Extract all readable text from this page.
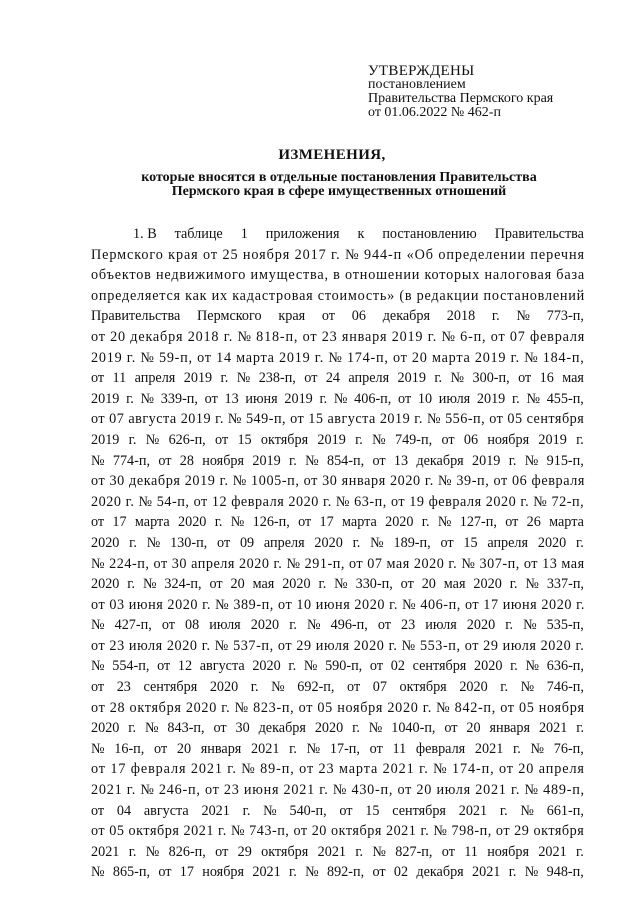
УТВЕРЖДЕНЫ
постановлением
Правительства Пермского края
от 01.06.2022 № 462-п
ИЗМЕНЕНИЯ,
которые вносятся в отдельные постановления Правительства
Пермского края в сфере имущественных отношений
1. В таблице 1 приложения к постановлению Правительства
Пермского края от 25 ноября 2017 г. № 944-п «Об определении перечня
объектов недвижимого имущества, в отношении которых налоговая база
определяется как их кадастровая стоимость» (в редакции постановлений
Правительства Пермского края от 06 декабря 2018 г. № 773-п,
от 20 декабря 2018 г. № 818-п, от 23 января 2019 г. № 6-п, от 07 февраля
2019 г. № 59-п, от 14 марта 2019 г. № 174-п, от 20 марта 2019 г. № 184-п,
от 11 апреля 2019 г. № 238-п, от 24 апреля 2019 г. № 300-п, от 16 мая
2019 г. № 339-п, от 13 июня 2019 г. № 406-п, от 10 июля 2019 г. № 455-п,
от 07 августа 2019 г. № 549-п, от 15 августа 2019 г. № 556-п, от 05 сентября
2019 г. № 626-п, от 15 октября 2019 г. № 749-п, от 06 ноября 2019 г.
№ 774-п, от 28 ноября 2019 г. № 854-п, от 13 декабря 2019 г. № 915-п,
от 30 декабря 2019 г. № 1005-п, от 30 января 2020 г. № 39-п, от 06 февраля
2020 г. № 54-п, от 12 февраля 2020 г. № 63-п, от 19 февраля 2020 г. № 72-п,
от 17 марта 2020 г. № 126-п, от 17 марта 2020 г. № 127-п, от 26 марта
2020 г. № 130-п, от 09 апреля 2020 г. № 189-п, от 15 апреля 2020 г.
№ 224-п, от 30 апреля 2020 г. № 291-п, от 07 мая 2020 г. № 307-п, от 13 мая
2020 г. № 324-п, от 20 мая 2020 г. № 330-п, от 20 мая 2020 г. № 337-п,
от 03 июня 2020 г. № 389-п, от 10 июня 2020 г. № 406-п, от 17 июня 2020 г.
№ 427-п, от 08 июля 2020 г. № 496-п, от 23 июля 2020 г. № 535-п,
от 23 июля 2020 г. № 537-п, от 29 июля 2020 г. № 553-п, от 29 июля 2020 г.
№ 554-п, от 12 августа 2020 г. № 590-п, от 02 сентября 2020 г. № 636-п,
от 23 сентября 2020 г. № 692-п, от 07 октября 2020 г. № 746-п,
от 28 октября 2020 г. № 823-п, от 05 ноября 2020 г. № 842-п, от 05 ноября
2020 г. № 843-п, от 30 декабря 2020 г. № 1040-п, от 20 января 2021 г.
№ 16-п, от 20 января 2021 г. № 17-п, от 11 февраля 2021 г. № 76-п,
от 17 февраля 2021 г. № 89-п, от 23 марта 2021 г. № 174-п, от 20 апреля
2021 г. № 246-п, от 23 июня 2021 г. № 430-п, от 20 июля 2021 г. № 489-п,
от 04 августа 2021 г. № 540-п, от 15 сентября 2021 г. № 661-п,
от 05 октября 2021 г. № 743-п, от 20 октября 2021 г. № 798-п, от 29 октября
2021 г. № 826-п, от 29 октября 2021 г. № 827-п, от 11 ноября 2021 г.
№ 865-п, от 17 ноября 2021 г. № 892-п, от 02 декабря 2021 г. № 948-п,
